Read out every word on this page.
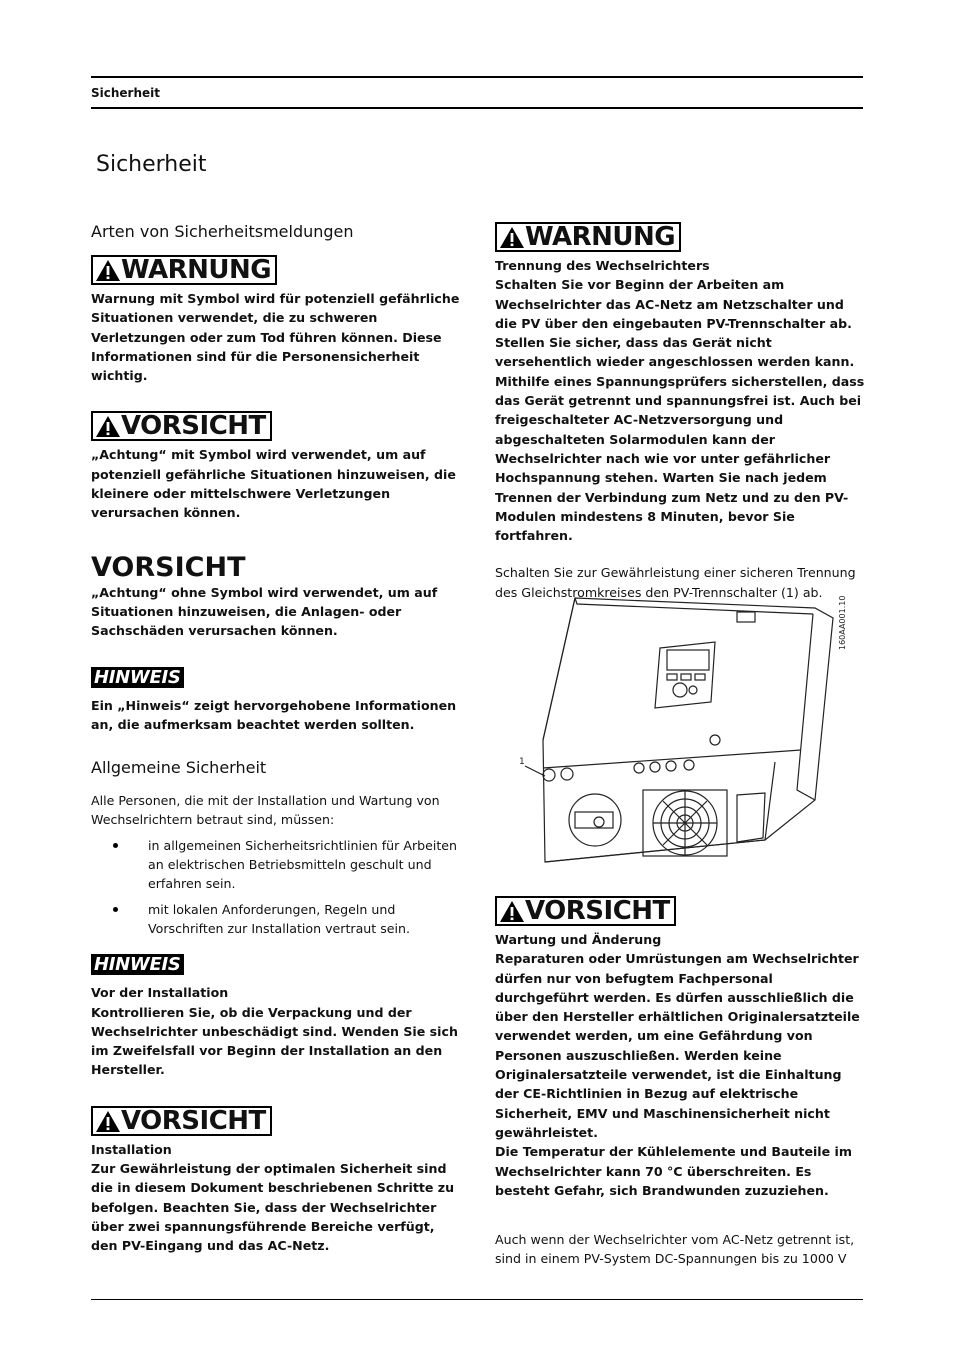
Sicherheit
Sicherheit
Arten von Sicherheitsmeldungen
WARNUNG

Warnung mit Symbol wird für potenziell gefährliche Situationen verwendet, die zu schweren Verletzungen oder zum Tod führen können. Diese Informationen sind für die Personensicherheit wichtig.

VORSICHT

„Achtung“ mit Symbol wird verwendet, um auf potenziell gefährliche Situationen hinzuweisen, die kleinere oder mittelschwere Verletzungen verursachen können.

VORSICHT

„Achtung“ ohne Symbol wird verwendet, um auf Situationen hinzuweisen, die Anlagen- oder Sachschäden verursachen können.

HINWEIS

Ein „Hinweis“ zeigt hervorgehobene Informationen an, die aufmerksam beachtet werden sollten.

Allgemeine Sicherheit

Alle Personen, die mit der Installation und Wartung von Wechselrichtern betraut sind, müssen:

in allgemeinen Sicherheitsrichtlinien für Arbeiten an elektrischen Betriebsmitteln geschult und erfahren sein.
mit lokalen Anforderungen, Regeln und Vorschriften zur Installation vertraut sein.
HINWEIS

Vor der Installation

Kontrollieren Sie, ob die Verpackung und der Wechselrichter unbeschädigt sind. Wenden Sie sich im Zweifelsfall vor Beginn der Installation an den Hersteller.

VORSICHT

Installation

Zur Gewährleistung der optimalen Sicherheit sind die in diesem Dokument beschriebenen Schritte zu befolgen. Beachten Sie, dass der Wechselrichter über zwei spannungsführende Bereiche verfügt, den PV-Eingang und das AC-Netz.

WARNUNG

Trennung des Wechselrichters

Schalten Sie vor Beginn der Arbeiten am Wechselrichter das AC-Netz am Netzschalter und die PV über den eingebauten PV-Trennschalter ab. Stellen Sie sicher, dass das Gerät nicht versehentlich wieder angeschlossen werden kann. Mithilfe eines Spannungsprüfers sicherstellen, dass das Gerät getrennt und spannungsfrei ist. Auch bei freigeschalteter AC-Netzversorgung und abgeschalteten Solarmodulen kann der Wechselrichter nach wie vor unter gefährlicher Hochspannung stehen. Warten Sie nach jedem Trennen der Verbindung zum Netz und zu den PV-Modulen mindestens 8 Minuten, bevor Sie fortfahren.

Schalten Sie zur Gewährleistung einer sicheren Trennung des Gleichstromkreises den PV-Trennschalter (1) ab.

1
160AA001.10
VORSICHT

Wartung und Änderung

Reparaturen oder Umrüstungen am Wechselrichter dürfen nur von befugtem Fachpersonal durchgeführt werden. Es dürfen ausschließlich die über den Hersteller erhältlichen Originalersatzteile verwendet werden, um eine Gefährdung von Personen auszuschließen. Werden keine Originalersatzteile verwendet, ist die Einhaltung der CE-Richtlinien in Bezug auf elektrische Sicherheit, EMV und Maschinensicherheit nicht gewährleistet.

Die Temperatur der Kühlelemente und Bauteile im Wechselrichter kann 70 °C überschreiten. Es besteht Gefahr, sich Brandwunden zuzuziehen.

Auch wenn der Wechselrichter vom AC-Netz getrennt ist, sind in einem PV-System DC-Spannungen bis zu 1000 V
